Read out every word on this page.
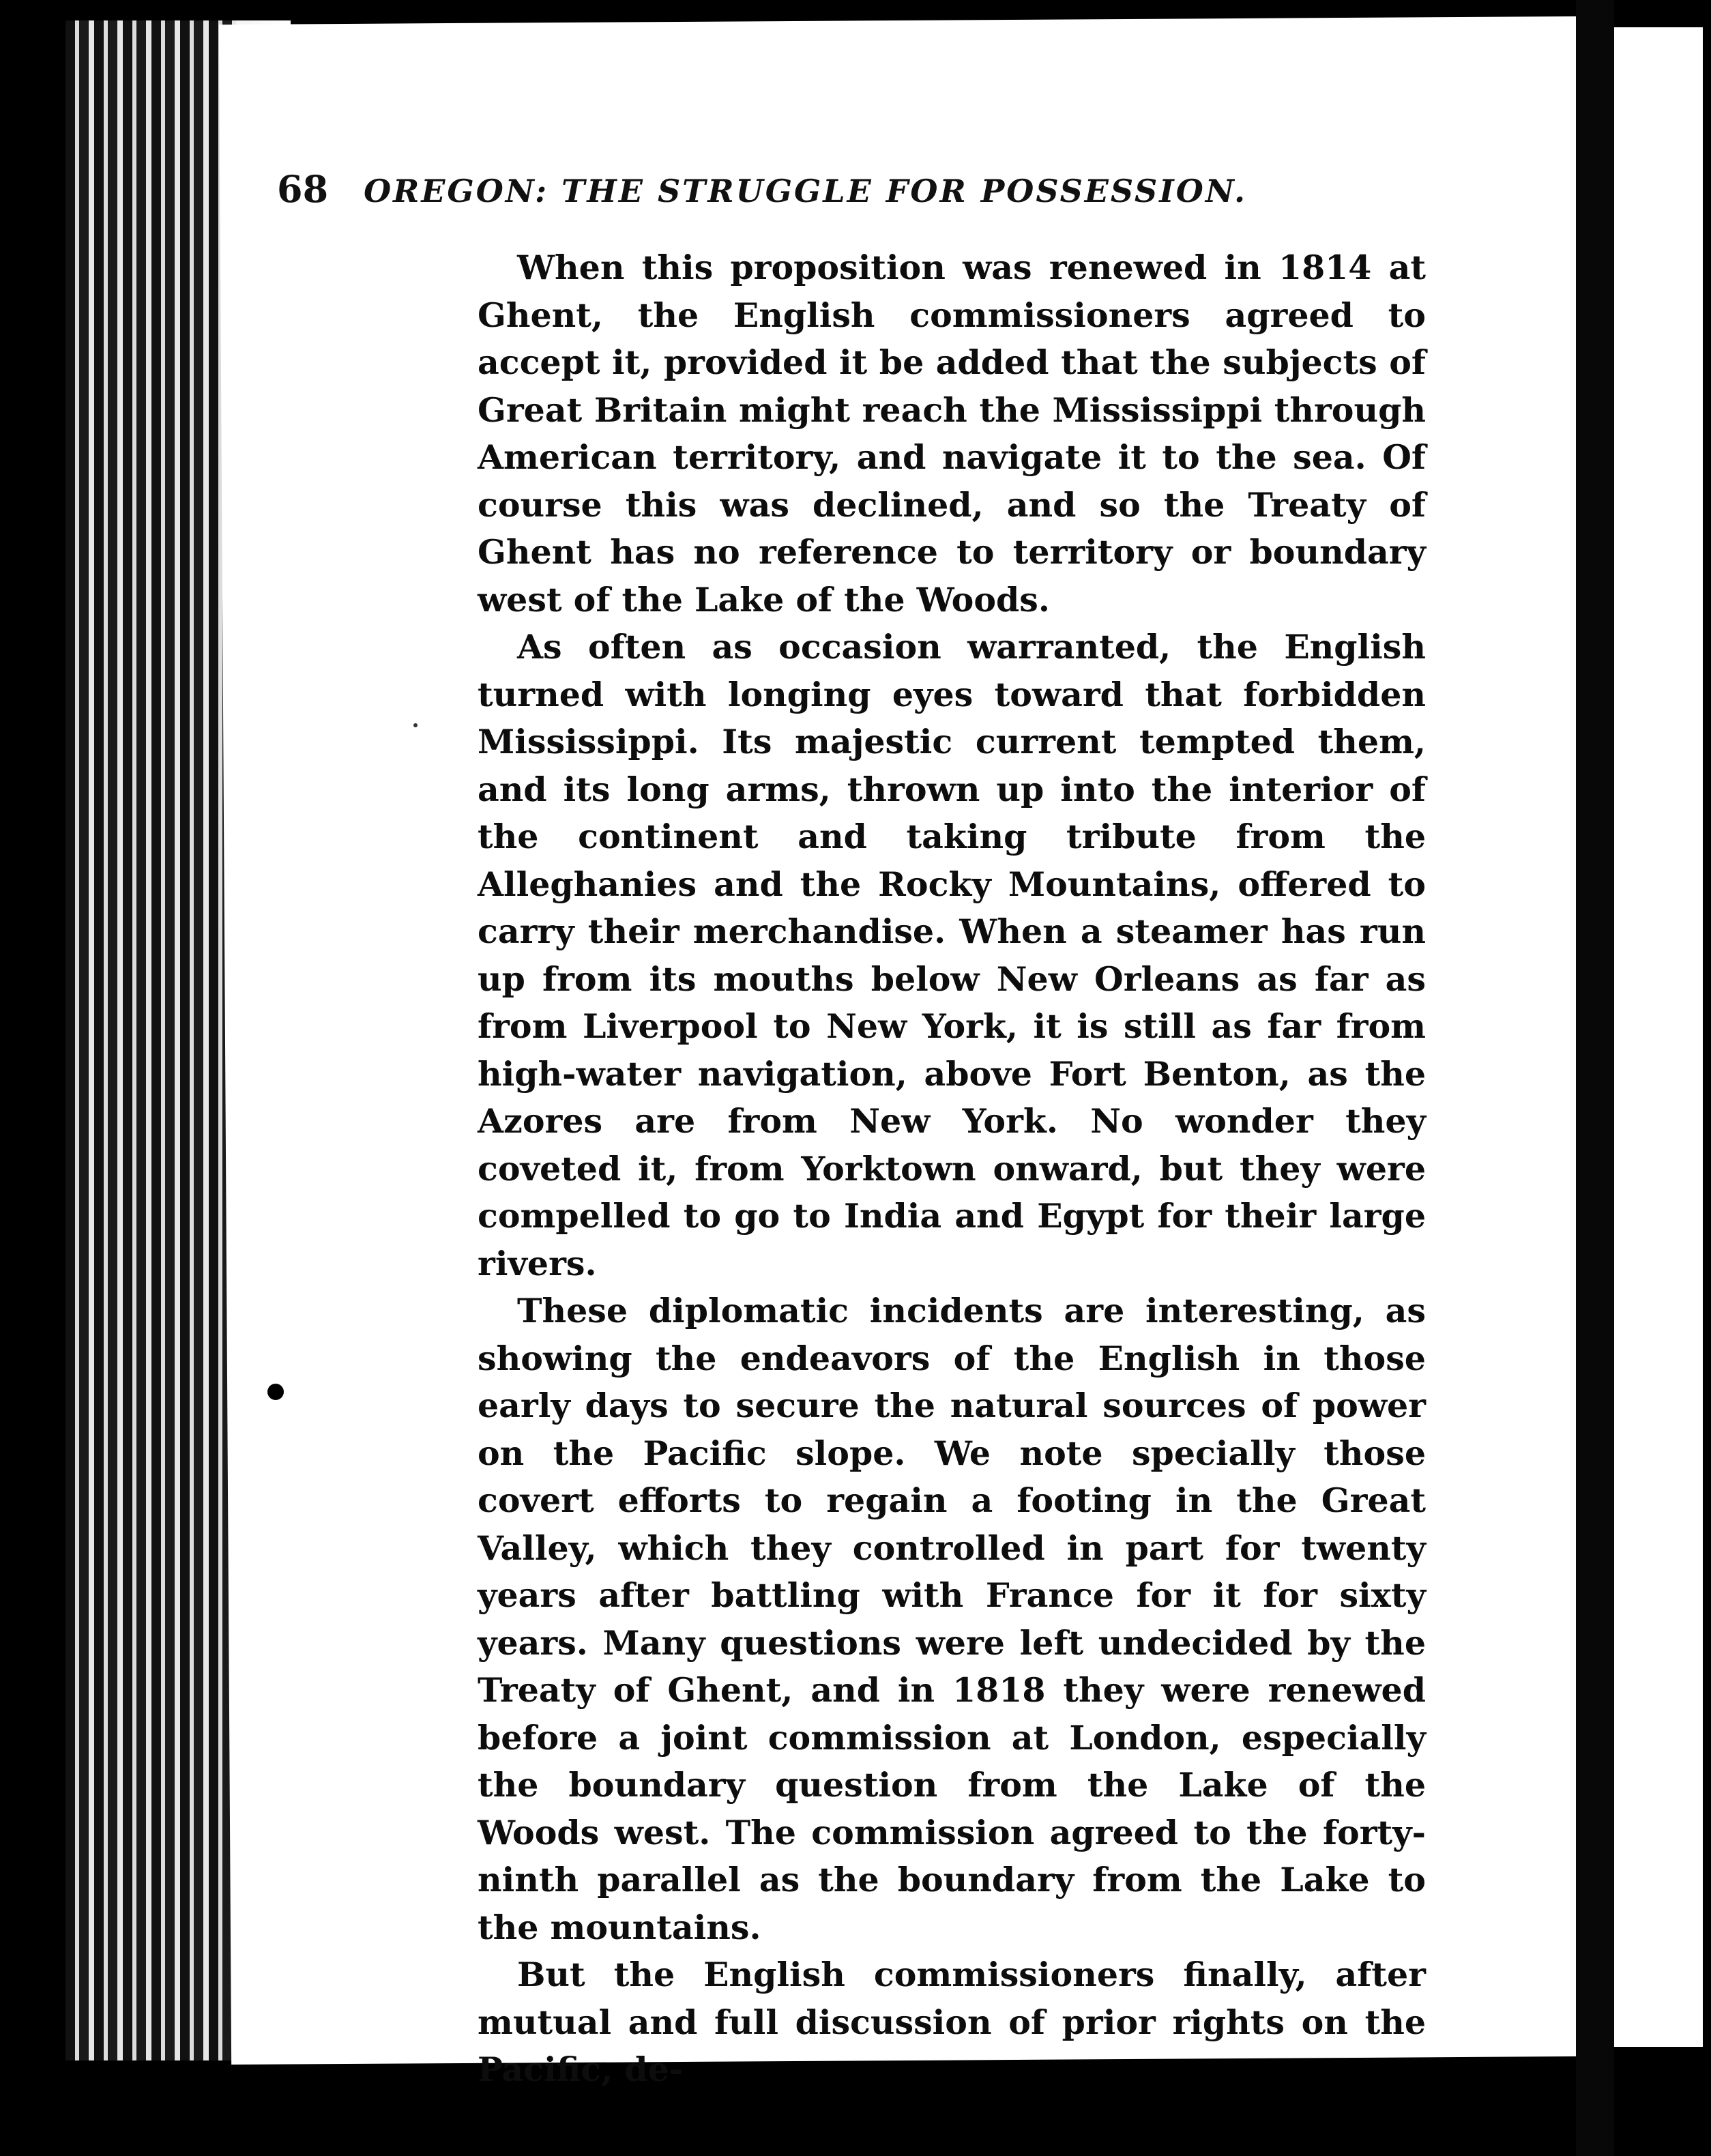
68 OREGON: THE STRUGGLE FOR POSSESSION.

When this proposition was renewed in 1814 at Ghent, the English commissioners agreed to accept it, provided it be added that the subjects of Great Britain might reach the Mississippi through American territory, and navigate it to the sea. Of course this was declined, and so the Treaty of Ghent has no reference to territory or boundary west of the Lake of the Woods.

As often as occasion warranted, the English turned with longing eyes toward that forbidden Mississippi. Its majestic current tempted them, and its long arms, thrown up into the interior of the continent and taking tribute from the Alleghanies and the Rocky Mountains, offered to carry their merchandise. When a steamer has run up from its mouths below New Orleans as far as from Liverpool to New York, it is still as far from high-water navigation, above Fort Benton, as the Azores are from New York. No wonder they coveted it, from Yorktown onward, but they were compelled to go to India and Egypt for their large rivers.

These diplomatic incidents are interesting, as showing the endeavors of the English in those early days to secure the natural sources of power on the Pacific slope. We note specially those covert efforts to regain a footing in the Great Valley, which they controlled in part for twenty years after battling with France for it for sixty years. Many questions were left undecided by the Treaty of Ghent, and in 1818 they were renewed before a joint commission at London, especially the boundary question from the Lake of the Woods west. The commission agreed to the forty-ninth parallel as the boundary from the Lake to the mountains.

But the English commissioners finally, after mutual and full discussion of prior rights on the Pacific, de-
